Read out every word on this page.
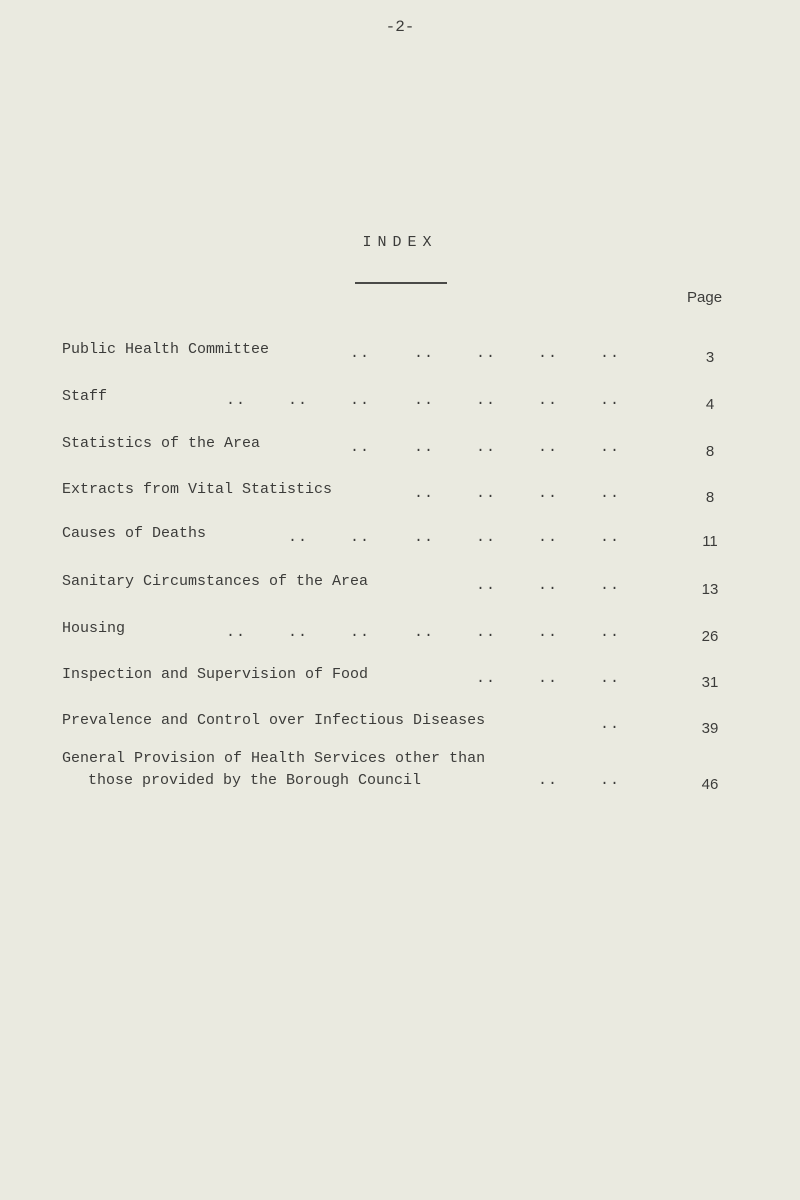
-2-
INDEX
Page
Public Health Committee	..	..	..	..	..	3
Staff	..	..	..	..	..	..	..	4
Statistics of the Area	..	..	..	..	..	8
Extracts from Vital Statistics	..	..	..	..	8
Causes of Deaths	..	..	..	..	..	..	11
Sanitary Circumstances of the Area	..	..	..	13
Housing	..	..	..	..	..	..	..	26
Inspection and Supervision of Food	..	..	..	31
Prevalence and Control over Infectious Diseases	..	39
General Provision of Health Services other than
those provided by the Borough Council	..	..	46
